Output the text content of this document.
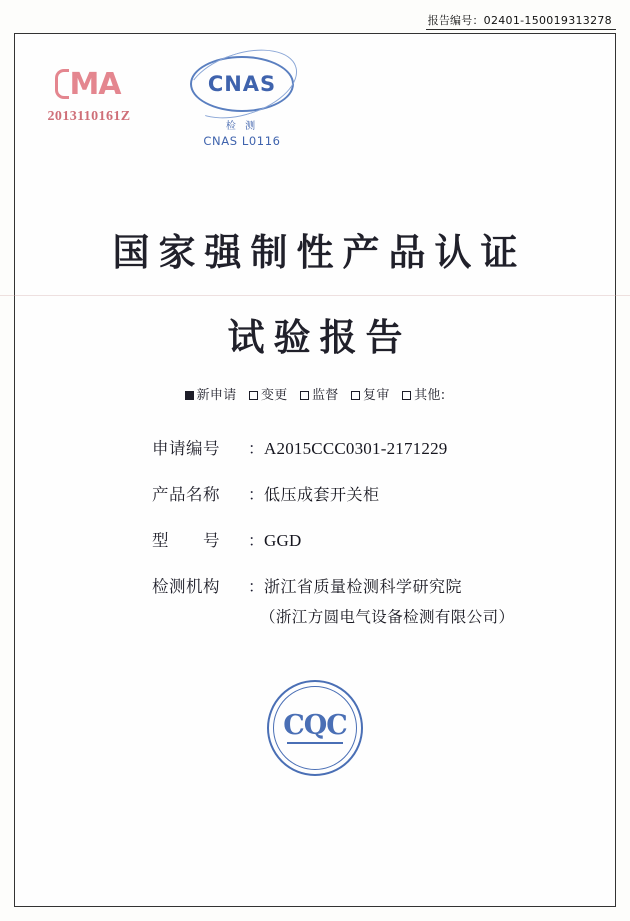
报告编号：02401-150019313278
MA
2013110161Z
CNAS
检 测
CNAS L0116
国家强制性产品认证
试验报告
新申请 变更 监督 复审 其他:
申请编号	： A2015CCC0301-2171229
产品名称	： 低压成套开关柜
型　　号	： GGD
检测机构	： 浙江省质量检测科学研究院
（浙江方圆电气设备检测有限公司）
CQC
